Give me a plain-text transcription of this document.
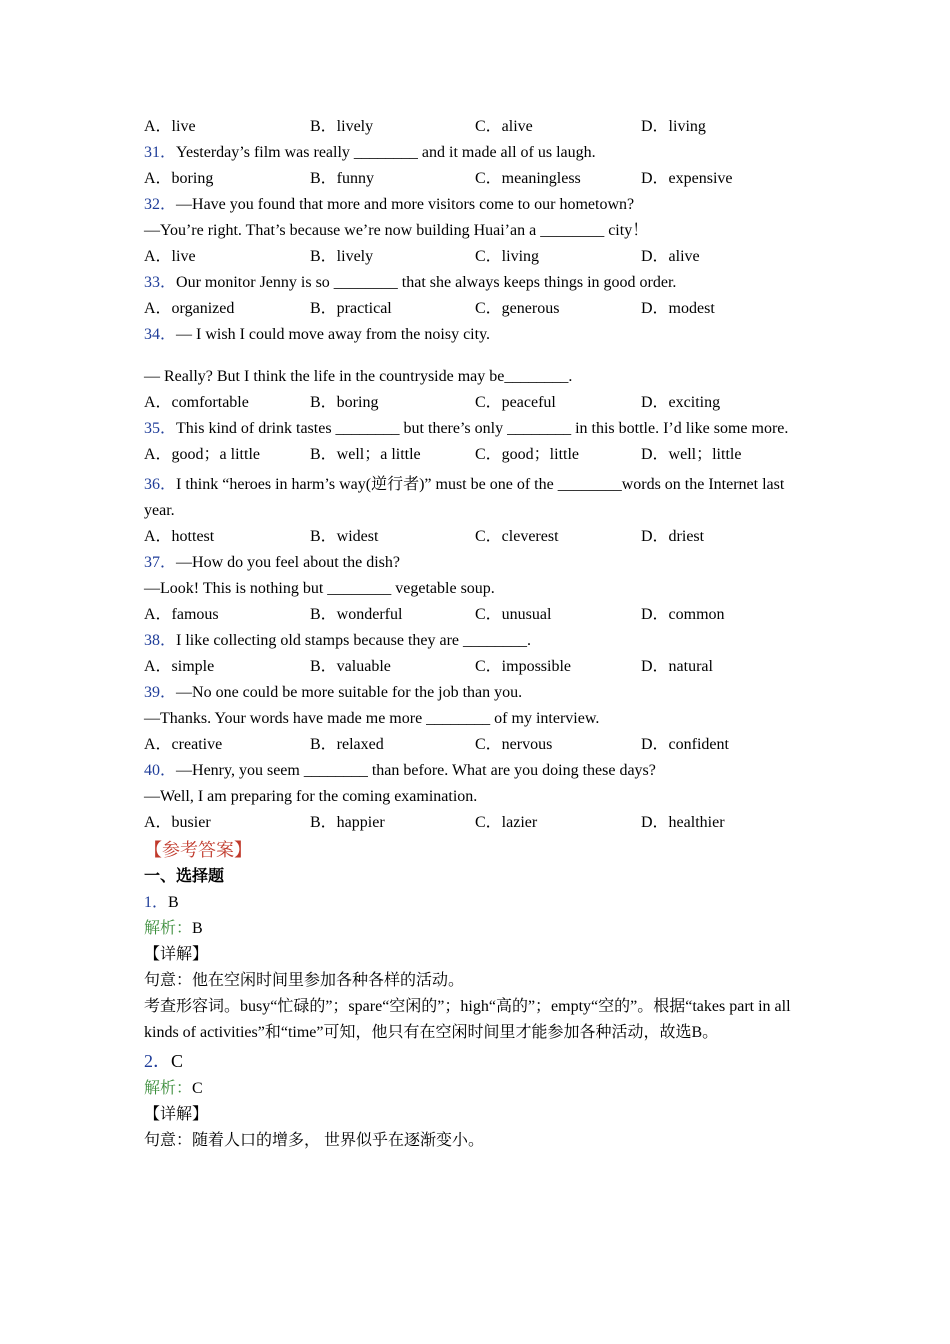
A．live	B．lively	C．alive	D．living
31．Yesterday’s film was really ________ and it made all of us laugh.
A．boring	B．funny	C．meaningless	D．expensive
32．—Have you found that more and more visitors come to our hometown?
—You’re right. That’s because we’re now building Huai’an a ________ city！
A．live	B．lively	C．living	D．alive
33．Our monitor Jenny is so ________ that she always keeps things in good order.
A．organized	B．practical	C．generous	D．modest
34．— I wish I could move away from the noisy city.
— Really? But I think the life in the countryside may be________.
A．comfortable	B．boring	C．peaceful	D．exciting
35．This kind of drink tastes ________ but there’s only ________ in this bottle. I’d like some more.
A．good；a little	B．well；a little	C．good；little	D．well；little
36．I think “heroes in harm’s way(逆行者)” must be one of the ________words on the Internet last year.
A．hottest	B．widest	C．cleverest	D．driest
37．—How do you feel about the dish?
—Look! This is nothing but ________ vegetable soup.
A．famous	B．wonderful	C．unusual	D．common
38．I like collecting old stamps because they are ________.
A．simple	B．valuable	C．impossible	D．natural
39．—No one could be more suitable for the job than you.
—Thanks. Your words have made me more ________ of my interview.
A．creative	B．relaxed	C．nervous	D．confident
40．—Henry, you seem ________ than before. What are you doing these days?
—Well, I am preparing for the coming examination.
A．busier	B．happier	C．lazier	D．healthier
【参考答案】
一、选择题
1．B
解析：B
【详解】
句意：他在空闲时间里参加各种各样的活动。
考查形容词。busy“忙碌的”；spare“空闲的”；high“高的”；empty“空的”。根据“takes part in all kinds of activities”和“time”可知，他只有在空闲时间里才能参加各种活动，故选B。
2．C
解析：C
【详解】
句意：随着人口的增多， 世界似乎在逐渐变小。
